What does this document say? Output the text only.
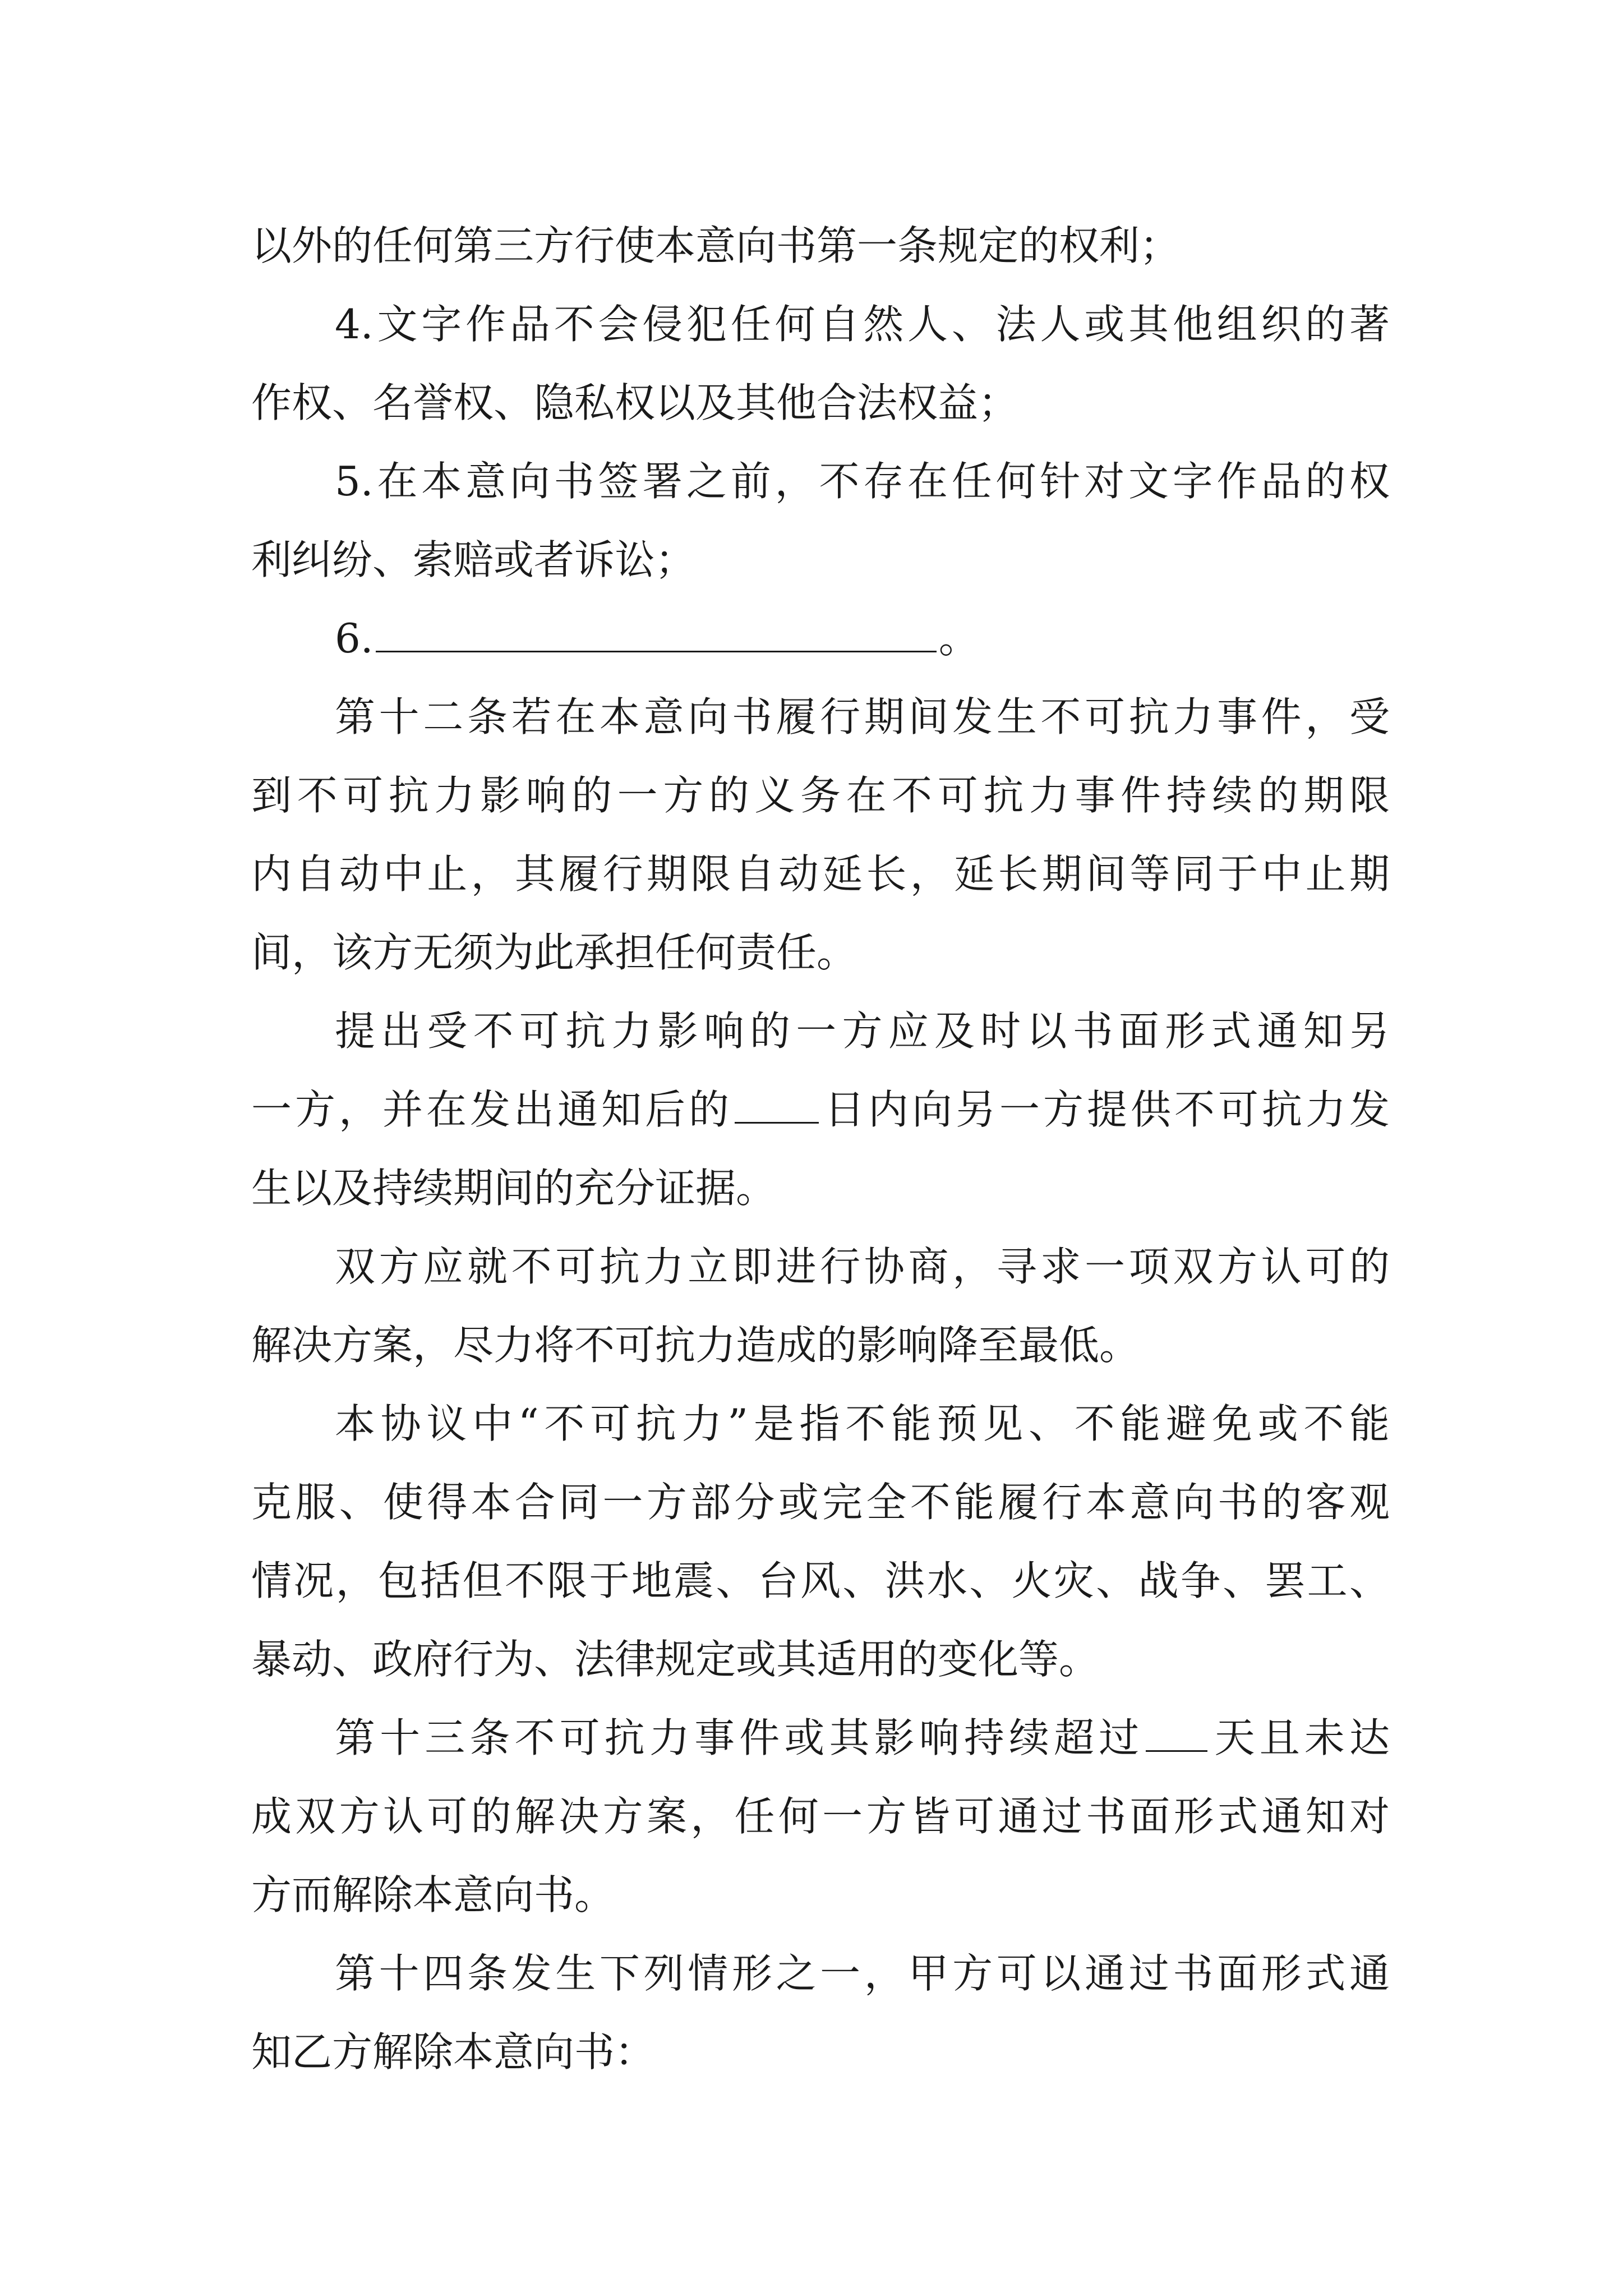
以外的任何第三方行使本意向书第一条规定的权利；
4.文字作品不会侵犯任何自然人、法人或其他组织的著
作权、名誉权、隐私权以及其他合法权益；
5.在本意向书签署之前，不存在任何针对文字作品的权
利纠纷、索赔或者诉讼；
6.	。
第十二条若在本意向书履行期间发生不可抗力事件，受
到不可抗力影响的一方的义务在不可抗力事件持续的期限
内自动中止，其履行期限自动延长，延长期间等同于中止期
间，该方无须为此承担任何责任。
提出受不可抗力影响的一方应及时以书面形式通知另
一方，并在发出通知后的 日内向另一方提供不可抗力发
生以及持续期间的充分证据。
双方应就不可抗力立即进行协商，寻求一项双方认可的
解决方案，尽力将不可抗力造成的影响降至最低。
本协议中“不可抗力”是指不能预见、不能避免或不能
克服、使得本合同一方部分或完全不能履行本意向书的客观
情况，包括但不限于地震、台风、洪水、火灾、战争、罢工、
暴动、政府行为、法律规定或其适用的变化等。
第十三条不可抗力事件或其影响持续超过 天且未达
成双方认可的解决方案，任何一方皆可通过书面形式通知对
方而解除本意向书。
第十四条发生下列情形之一，甲方可以通过书面形式通
知乙方解除本意向书：
